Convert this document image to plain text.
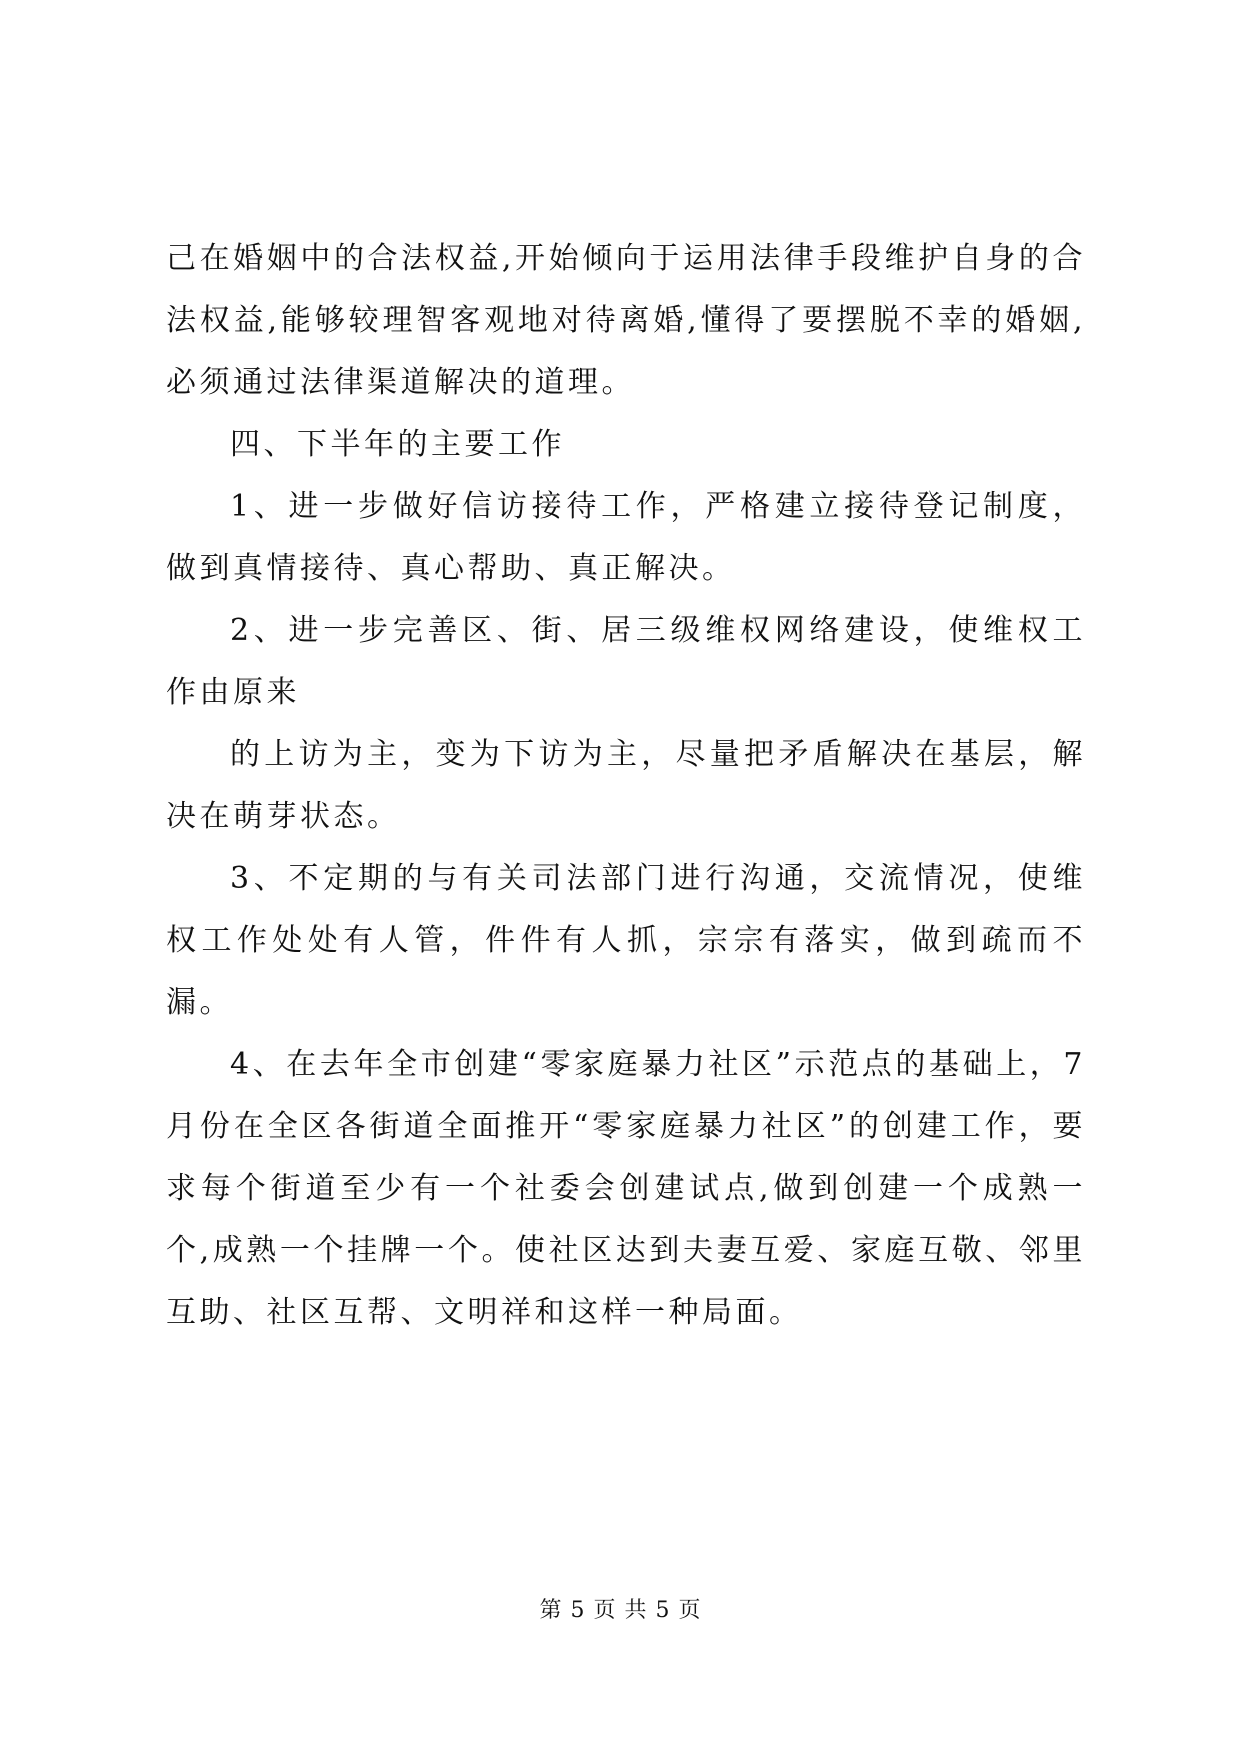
己在婚姻中的合法权益,开始倾向于运用法律手段维护自身的合法权益,能够较理智客观地对待离婚,懂得了要摆脱不幸的婚姻,必须通过法律渠道解决的道理。

四、下半年的主要工作

1、进一步做好信访接待工作，严格建立接待登记制度，做到真情接待、真心帮助、真正解决。

2、进一步完善区、街、居三级维权网络建设，使维权工作由原来

的上访为主，变为下访为主，尽量把矛盾解决在基层，解决在萌芽状态。

3、不定期的与有关司法部门进行沟通，交流情况，使维权工作处处有人管，件件有人抓，宗宗有落实，做到疏而不漏。

4、在去年全市创建“零家庭暴力社区”示范点的基础上，7月份在全区各街道全面推开“零家庭暴力社区”的创建工作，要求每个街道至少有一个社委会创建试点,做到创建一个成熟一个,成熟一个挂牌一个。使社区达到夫妻互爱、家庭互敬、邻里互助、社区互帮、文明祥和这样一种局面。

第 5 页 共 5 页
